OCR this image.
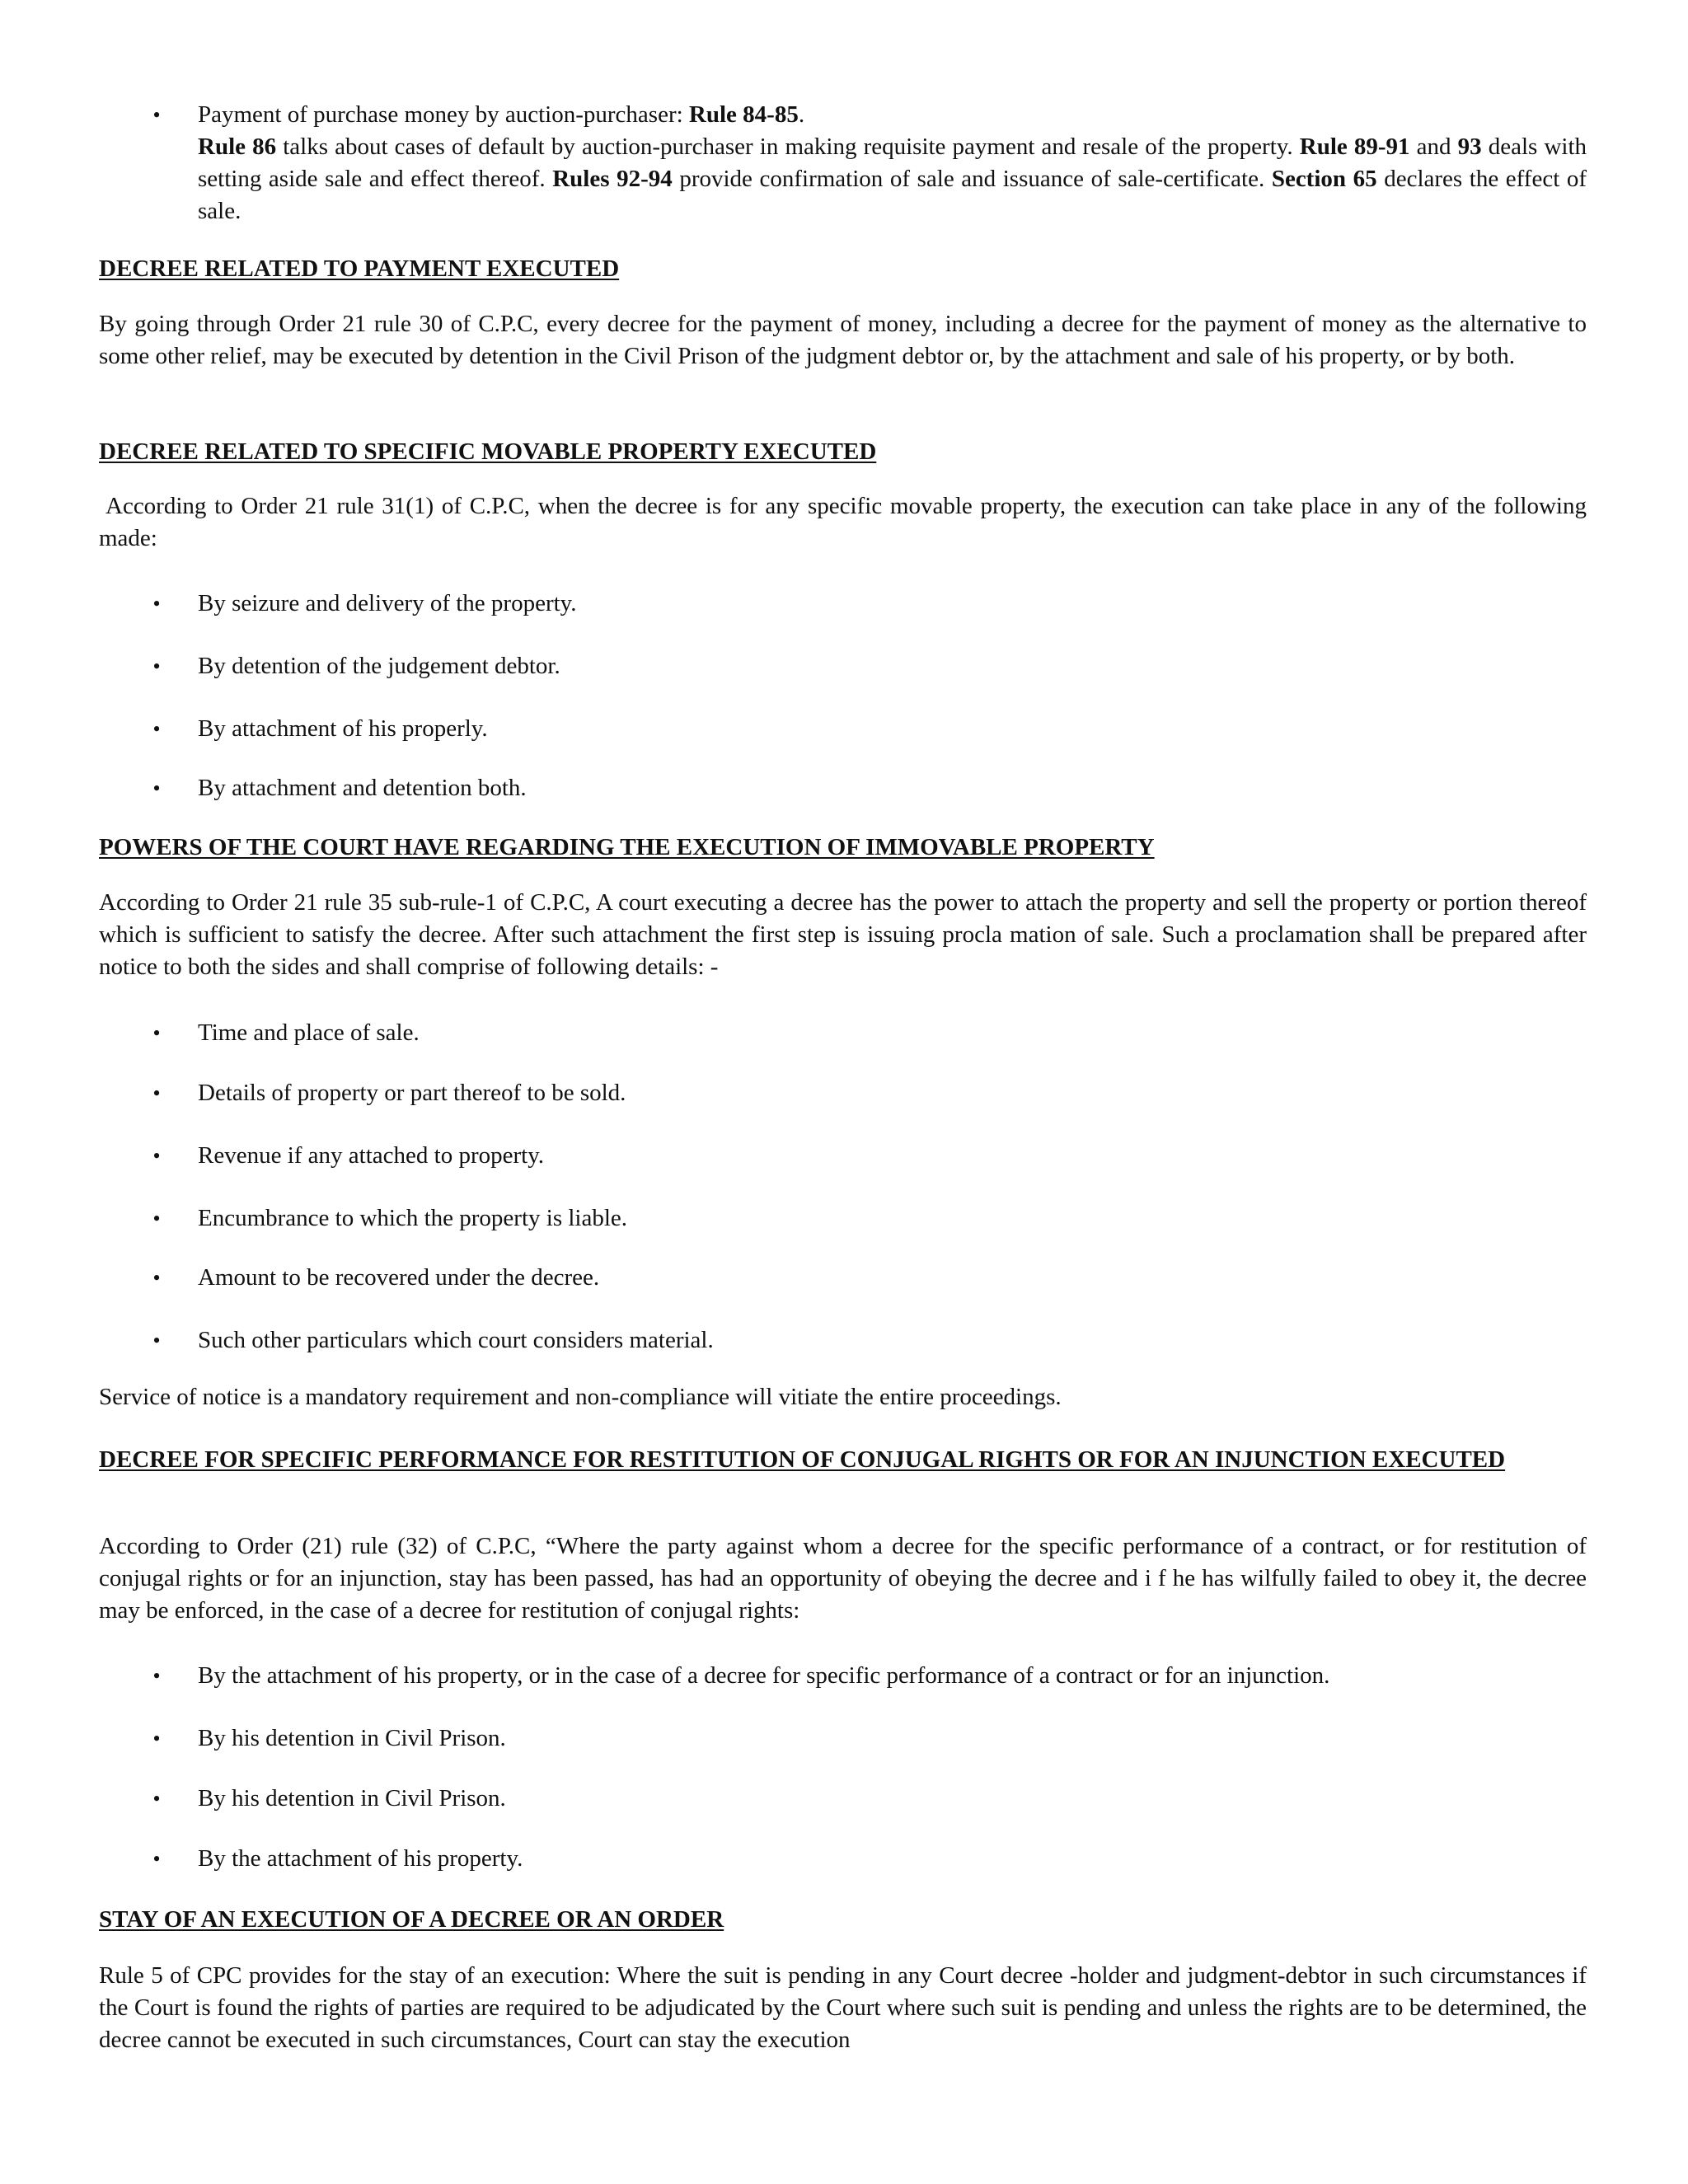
• Payment of purchase money by auction-purchaser: Rule 84-85.
Rule 86 talks about cases of default by auction-purchaser in making requisite payment and resale of the property. Rule 89-91 and 93 deals with setting aside sale and effect thereof. Rules 92-94 provide confirmation of sale and issuance of sale-certificate. Section 65 declares the effect of sale.
DECREE RELATED TO PAYMENT EXECUTED

By going through Order 21 rule 30 of C.P.C, every decree for the payment of money, including a decree for the payment of money as the alternative to some other relief, may be executed by detention in the Civil Prison of the judgment debtor or, by the attachment and sale of his property, or by both.

DECREE RELATED TO SPECIFIC MOVABLE PROPERTY EXECUTED

According to Order 21 rule 31(1) of C.P.C, when the decree is for any specific movable property, the execution can take place in any of the following made:

• By seizure and delivery of the property.
• By detention of the judgement debtor.
• By attachment of his properly.
• By attachment and detention both.
POWERS OF THE COURT HAVE REGARDING THE EXECUTION OF IMMOVABLE PROPERTY

According to Order 21 rule 35 sub-rule-1 of C.P.C, A court executing a decree has the power to attach the property and sell the property or portion thereof which is sufficient to satisfy the decree. After such attachment the first step is issuing procla mation of sale. Such a proclamation shall be prepared after notice to both the sides and shall comprise of following details: -

• Time and place of sale.
• Details of property or part thereof to be sold.
• Revenue if any attached to property.
• Encumbrance to which the property is liable.
• Amount to be recovered under the decree.
• Such other particulars which court considers material.

Service of notice is a mandatory requirement and non-compliance will vitiate the entire proceedings.

DECREE FOR SPECIFIC PERFORMANCE FOR RESTITUTION OF CONJUGAL RIGHTS OR FOR AN INJUNCTION EXECUTED

According to Order (21) rule (32) of C.P.C, “Where the party against whom a decree for the specific performance of a contract, or for restitution of conjugal rights or for an injunction, stay has been passed, has had an opportunity of obeying the decree and i f he has wilfully failed to obey it, the decree may be enforced, in the case of a decree for restitution of conjugal rights:

• By the attachment of his property, or in the case of a decree for specific performance of a contract or for an injunction.
• By his detention in Civil Prison.
• By his detention in Civil Prison.
• By the attachment of his property.
STAY OF AN EXECUTION OF A DECREE OR AN ORDER

Rule 5 of CPC provides for the stay of an execution: Where the suit is pending in any Court decree -holder and judgment-debtor in such circumstances if the Court is found the rights of parties are required to be adjudicated by the Court where such suit is pending and unless the rights are to be determined, the decree cannot be executed in such circumstances, Court can stay the execution
